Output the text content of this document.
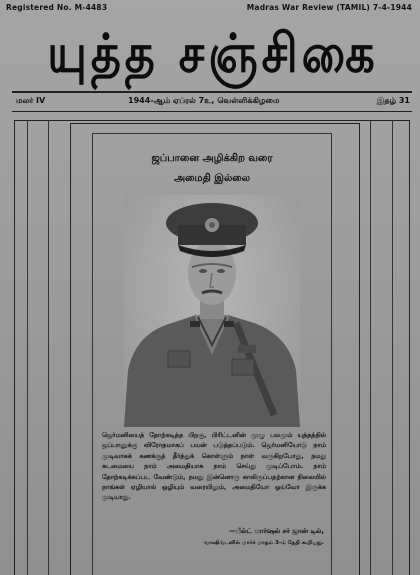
Registered No. M-4483	Madras War Review (TAMIL) 7-4-1944
யுத்த சஞ்சிகை
மலர் IV	1944-ஆம் ஏப்ரல் 7உ, வெள்ளிக்கிழமை	இதழ் 31
ஜப்பானை அழிக்கிற வரை
அமைதி இல்லை
ஜெர்மனியைத் தோற்கடித்த பிறகு, பிரிட்டனின் முழு பலமும் யுத்தத்தில் ஜப்பானுக்கு விரோதமாகப் பயன் படுத்தப்படும். ஜெர்மனியோடு நாம் முடிவாகக் கணக்குத் தீர்த்துக் கொள்ளும் நாள் வருகிறபோது, நமது கடமையை நாம் அமைதியாக நாம் செய்து முடிப்போம். நாம் தோற்கடிக்கப்பட வேண்டும், நமது இன்னொரு காலிருப்பதற்கான நிலையில் நாங்கள் ஏழியால் ஒழியும் வரையிலும், அமைதியோ ஓய்வோ இருக்க முடியாது.
—பீல்ட் மார்ஷல் சர் ஜான் டில்,
வாஷிங்டனில் மார்ச் மாதம் 3-ம் தேதி கூறியது.
